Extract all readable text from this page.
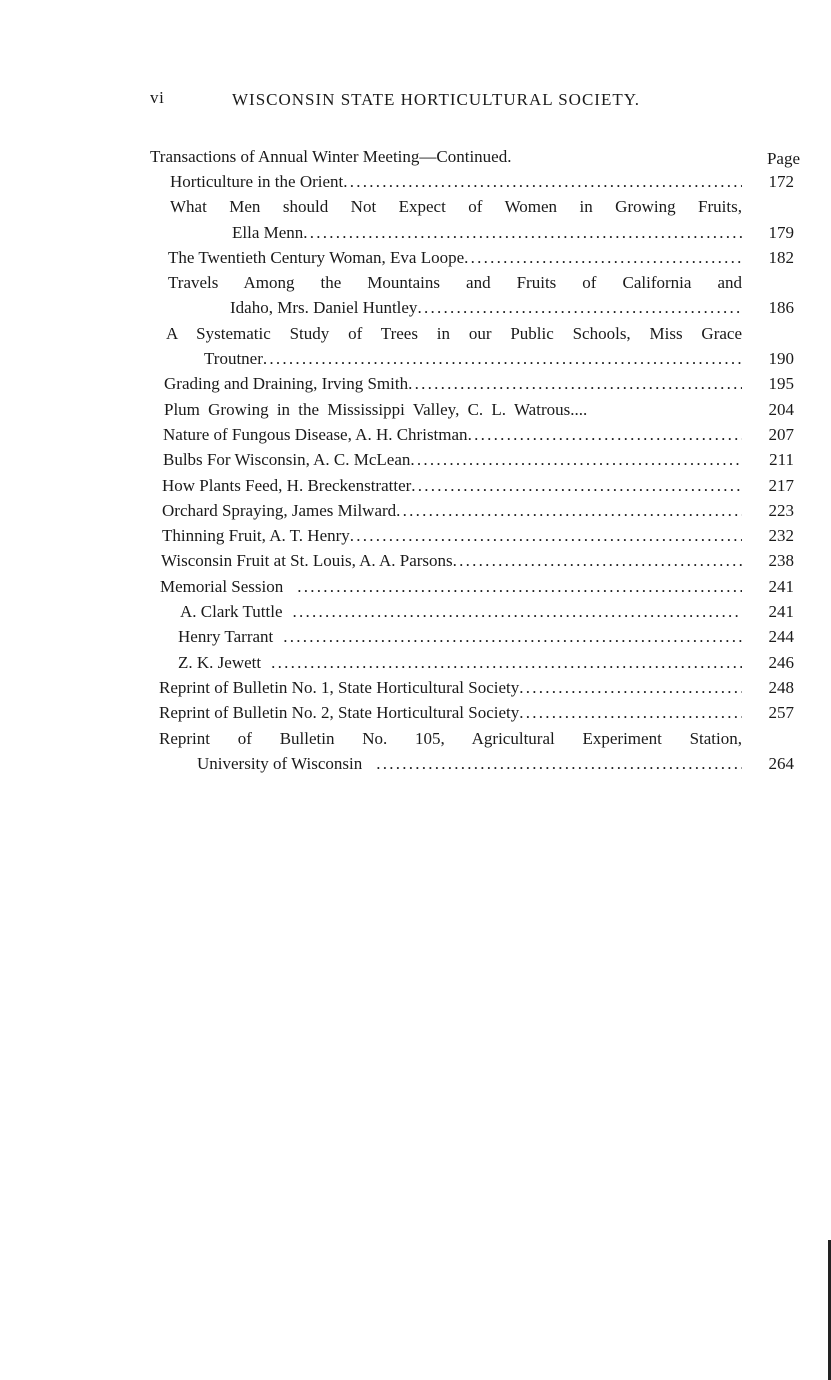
vi	WISCONSIN STATE HORTICULTURAL SOCIETY.
Transactions of Annual Winter Meeting—Continued.	Page
Horticulture in the Orient . . .	172
What Men should Not Expect of Women in Growing Fruits,
Ella Menn . . .	179
The Twentieth Century Woman, Eva Loope . . .	182
Travels Among the Mountains and Fruits of California and
Idaho, Mrs. Daniel Huntley . . .	186
A Systematic Study of Trees in our Public Schools, Miss Grace
Troutner . . .	190
Grading and Draining, Irving Smith . . .	195
Plum Growing in the Mississippi Valley, C. L. Watrous....	204
Nature of Fungous Disease, A. H. Christman . . .	207
Bulbs For Wisconsin, A. C. McLean . . .	211
How Plants Feed, H. Breckenstratter . . .	217
Orchard Spraying, James Milward . . .	223
Thinning Fruit, A. T. Henry . . .	232
Wisconsin Fruit at St. Louis, A. A. Parsons . . .	238
Memorial Session . . .	241
A. Clark Tuttle . . .	241
Henry Tarrant . . .	244
Z. K. Jewett . . .	246
Reprint of Bulletin No. 1, State Horticultural Society . . .	248
Reprint of Bulletin No. 2, State Horticultural Society . . .	257
Reprint of Bulletin No. 105, Agricultural Experiment Station,
University of Wisconsin . . .	264
